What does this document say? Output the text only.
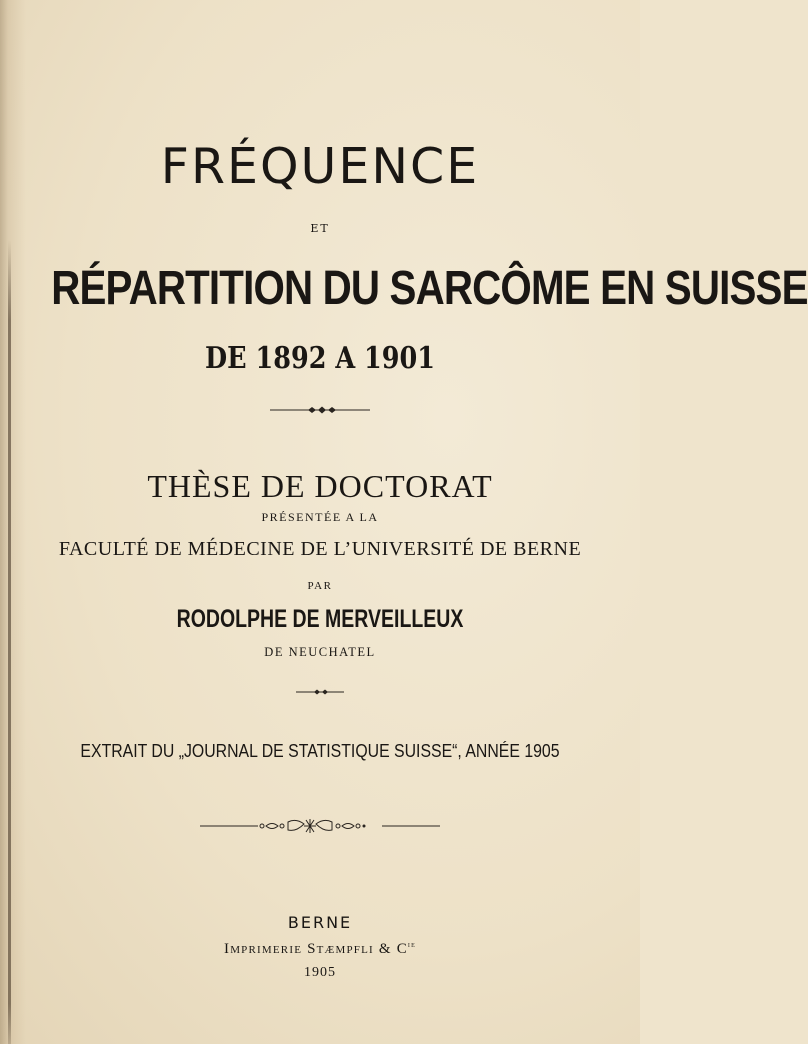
FRÉQUENCE
ET
RÉPARTITION DU SARCÔME EN SUISSE
DE 1892 A 1901
THÈSE DE DOCTORAT
PRÉSENTÉE A LA
FACULTÉ DE MÉDECINE DE L’UNIVERSITÉ DE BERNE
PAR
RODOLPHE DE MERVEILLEUX
DE NEUCHATEL
EXTRAIT DU „JOURNAL DE STATISTIQUE SUISSE“, ANNÉE 1905
BERNE
Imprimerie Stæmpfli & $C^{ie}$
1905
